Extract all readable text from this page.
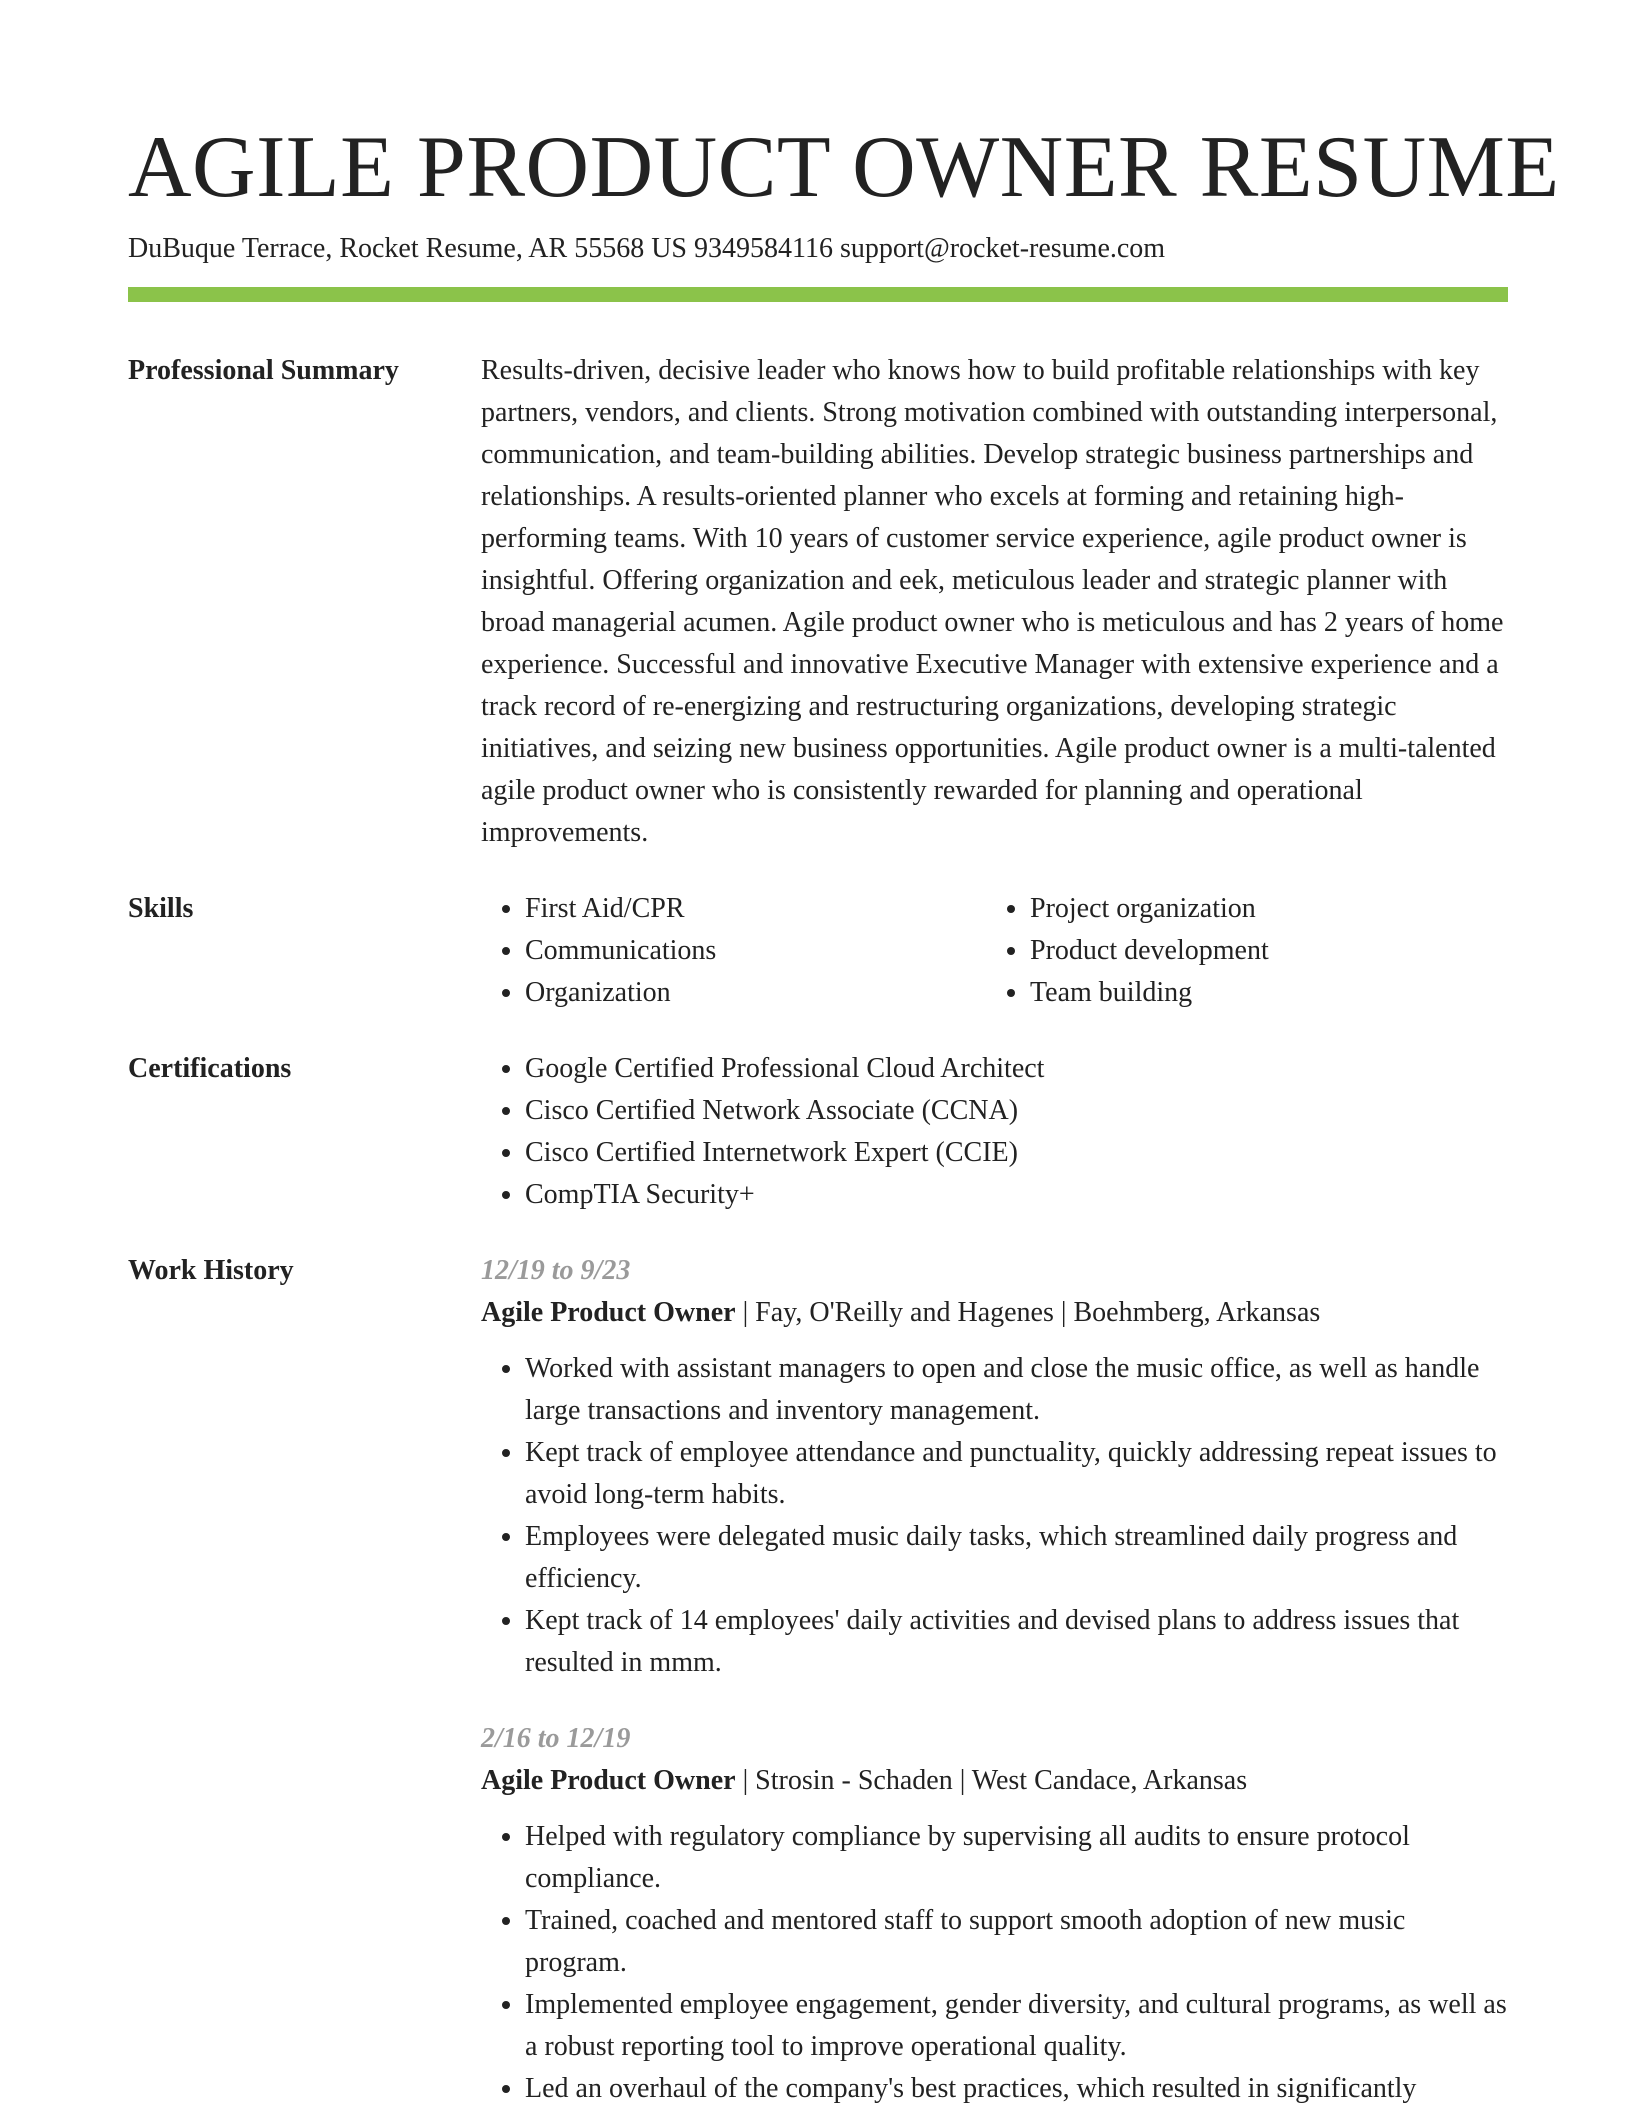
AGILE PRODUCT OWNER RESUME
DuBuque Terrace, Rocket Resume, AR 55568 US 9349584116 support@rocket-resume.com
Professional Summary	Results-driven, decisive leader who knows how to build profitable relationships with key partners, vendors, and clients. Strong motivation combined with outstanding interpersonal, communication, and team-building abilities. Develop strategic business partnerships and relationships. A results-oriented planner who excels at forming and retaining high-performing teams. With 10 years of customer service experience, agile product owner is insightful. Offering organization and eek, meticulous leader and strategic planner with broad managerial acumen. Agile product owner who is meticulous and has 2 years of home experience. Successful and innovative Executive Manager with extensive experience and a track record of re-energizing and restructuring organizations, developing strategic initiatives, and seizing new business opportunities. Agile product owner is a multi-talented agile product owner who is consistently rewarded for planning and operational improvements.

Skills	• First Aid/CPR
• Communications
• Organization
• Project organization
• Product development
• Team building
Certifications	• Google Certified Professional Cloud Architect
• Cisco Certified Network Associate (CCNA)
• Cisco Certified Internetwork Expert (CCIE)
• CompTIA Security+
Work History	12/19 to 9/23
Agile Product Owner | Fay, O'Reilly and Hagenes | Boehmberg, Arkansas
• Worked with assistant managers to open and close the music office, as well as handle large transactions and inventory management.
• Kept track of employee attendance and punctuality, quickly addressing repeat issues to avoid long-term habits.
• Employees were delegated music daily tasks, which streamlined daily progress and efficiency.
• Kept track of 14 employees' daily activities and devised plans to address issues that resulted in mmm.
2/16 to 12/19
Agile Product Owner | Strosin - Schaden | West Candace, Arkansas
• Helped with regulatory compliance by supervising all audits to ensure protocol compliance.
• Trained, coached and mentored staff to support smooth adoption of new music program.
• Implemented employee engagement, gender diversity, and cultural programs, as well as a robust reporting tool to improve operational quality.
• Led an overhaul of the company's best practices, which resulted in significantly
